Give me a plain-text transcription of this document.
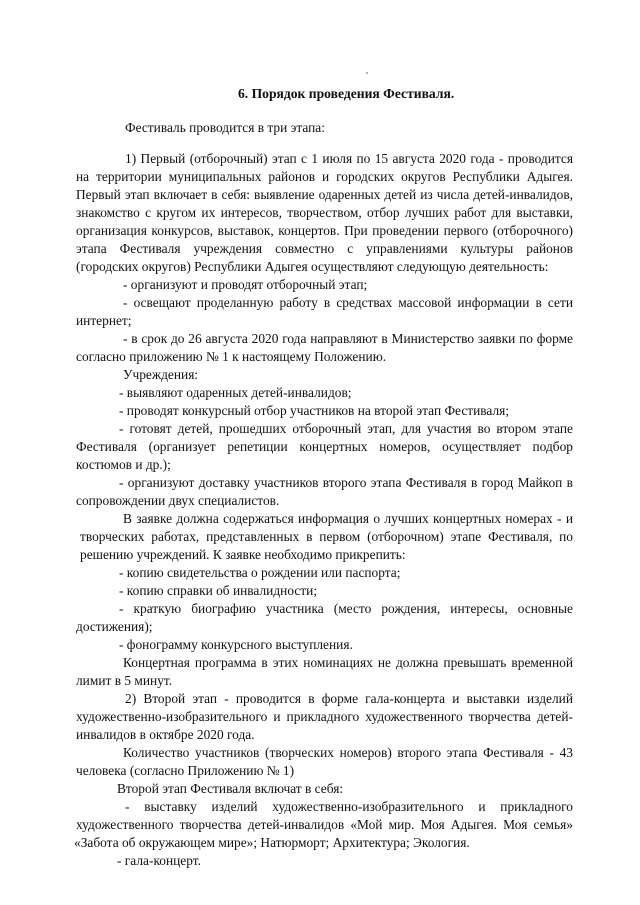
6. Порядок проведения Фестиваля.
Фестиваль проводится в три этапа:
1) Первый (отборочный) этап с 1 июля по 15 августа 2020 года - проводится
на территории муниципальных районов и городских округов Республики Адыгея.
Первый этап включает в себя: выявление одаренных детей из числа детей-инвалидов,
знакомство с кругом их интересов, творчеством, отбор лучших работ для выставки,
организация конкурсов, выставок, концертов. При проведении первого (отборочного)
этапа Фестиваля учреждения совместно с управлениями культуры районов
(городских округов) Республики Адыгея осуществляют следующую деятельность:
- организуют и проводят отборочный этап;
- освещают проделанную работу в средствах массовой информации в сети
интернет;
- в срок до 26 августа 2020 года направляют в Министерство заявки по форме
согласно приложению № 1 к настоящему Положению.
Учреждения:
- выявляют одаренных детей-инвалидов;
- проводят конкурсный отбор участников на второй этап Фестиваля;
- готовят детей, прошедших отборочный этап, для участия во втором этапе
Фестиваля (организует репетиции концертных номеров, осуществляет подбор
костюмов и др.);
- организуют доставку участников второго этапа Фестиваля в город Майкоп в
сопровождении двух специалистов.
В заявке должна содержаться информация о лучших концертных номерах - и
творческих работах, представленных в первом (отборочном) этапе Фестиваля, по
решению учреждений. К заявке необходимо прикрепить:
- копию свидетельства о рождении или паспорта;
- копию справки об инвалидности;
- краткую биографию участника (место рождения, интересы, основные
достижения);
- фонограмму конкурсного выступления.
Концертная программа в этих номинациях не должна превышать временной
лимит в 5 минут.
2) Второй этап - проводится в форме гала-концерта и выставки изделий
художественно-изобразительного и прикладного художественного творчества детей-
инвалидов в октябре 2020 года.
Количество участников (творческих номеров) второго этапа Фестиваля - 43
человека (согласно Приложению № 1)
Второй этап Фестиваля включат в себя:
- выставку изделий художественно-изобразительного и прикладного
художественного творчества детей-инвалидов «Мой мир. Моя Адыгея. Моя семья»
«Забота об окружающем мире»; Натюрморт; Архитектура; Экология.
- гала-концерт.
